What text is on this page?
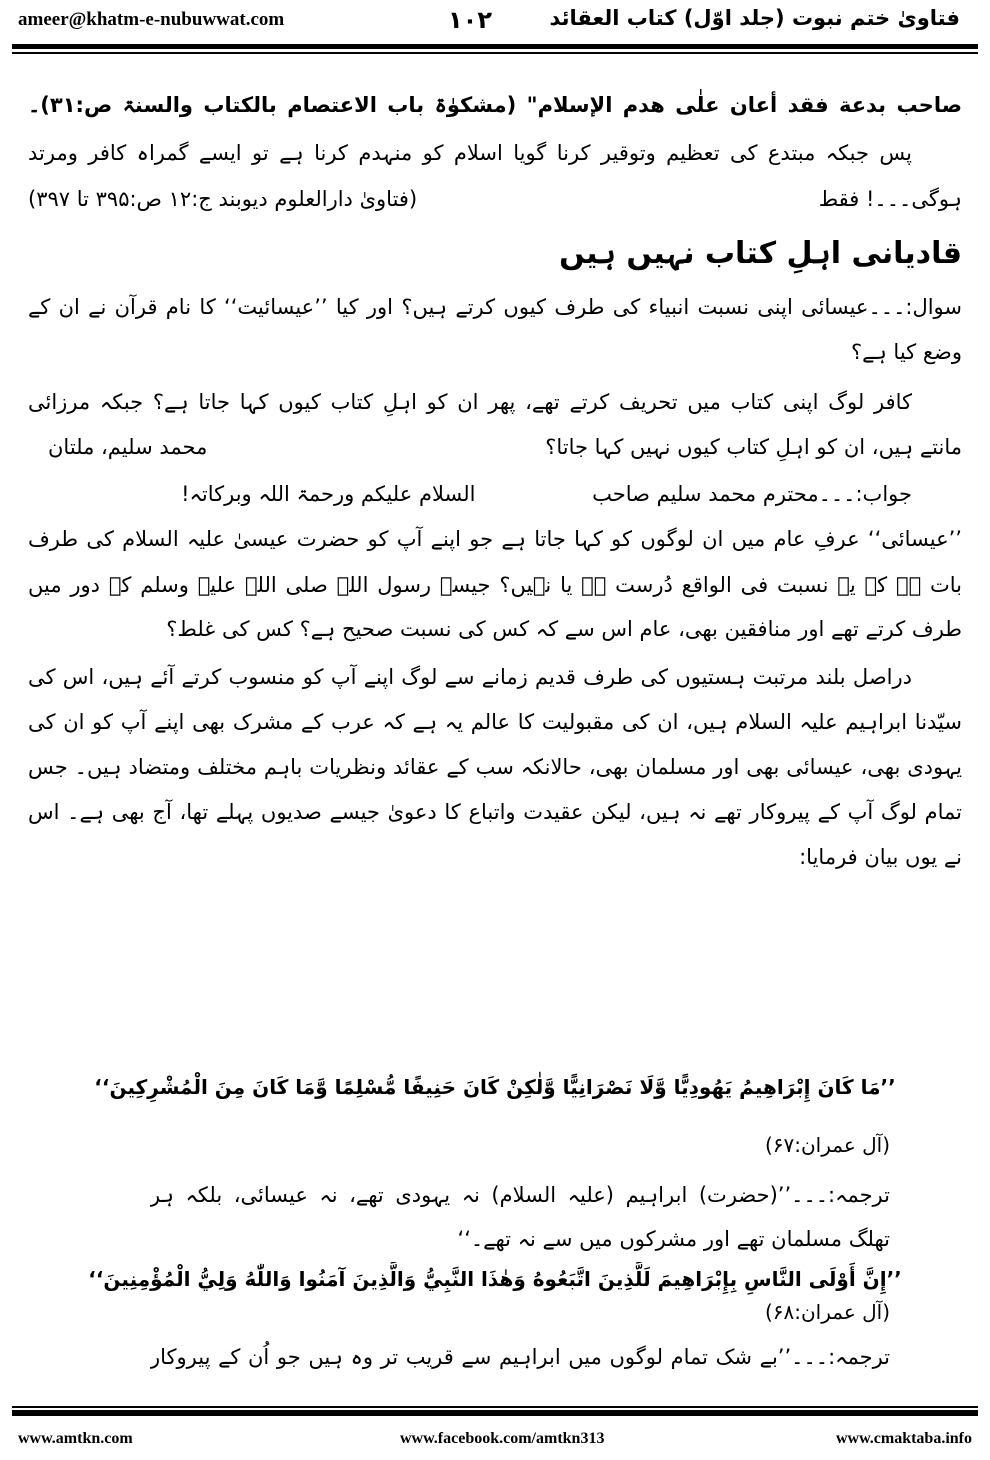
فتاویٰ ختم نبوت (جلد اوّل) کتاب العقائد
۱۰۲
ameer@khatm-e-nubuwwat.com
صاحب بدعة فقد أعان علٰى هدم الإسلام" (مشکوٰۃ باب الاعتصام بالکتاب والسنۃ ص:۳۱)۔
پس جبکہ مبتدع کی تعظیم وتوقیر کرنا گویا اسلام کو منہدم کرنا ہے تو ایسے گمراہ کافر ومرتد
ہوگی۔۔۔! فقط
(فتاویٰ دارالعلوم دیوبند ج:۱۲ ص:۳۹۵ تا ۳۹۷)
قادیانی اہلِ کتاب نہیں ہیں
سوال:۔۔۔عیسائی اپنی نسبت انبیاء کی طرف کیوں کرتے ہیں؟ اور کیا ’’عیسائیت‘‘ کا نام قرآن نے ان کے
وضع کیا ہے؟
کافر لوگ اپنی کتاب میں تحریف کرتے تھے، پھر ان کو اہلِ کتاب کیوں کہا جاتا ہے؟ جبکہ مرزائی
مانتے ہیں، ان کو اہلِ کتاب کیوں نہیں کہا جاتا؟
محمد سلیم، ملتان
جواب:۔۔۔محترم محمد سلیم صاحب السلام علیکم ورحمۃ اللہ وبرکاتہ!
’’عیسائی‘‘ عرفِ عام میں ان لوگوں کو کہا جاتا ہے جو اپنے آپ کو حضرت عیسیٰ علیہ السلام کی طرف
بات ہے کہ یہ نسبت فی الواقع دُرست ہے یا نہیں؟ جیسے رسول اللہ صلی اللہ علیہ وسلم کے دور میں
طرف کرتے تھے اور منافقین بھی، عام اس سے کہ کس کی نسبت صحیح ہے؟ کس کی غلط؟
دراصل بلند مرتبت ہستیوں کی طرف قدیم زمانے سے لوگ اپنے آپ کو منسوب کرتے آئے ہیں، اس کی
سیّدنا ابراہیم علیہ السلام ہیں، ان کی مقبولیت کا عالم یہ ہے کہ عرب کے مشرک بھی اپنے آپ کو ان کی
یہودی بھی، عیسائی بھی اور مسلمان بھی، حالانکہ سب کے عقائد ونظریات باہم مختلف ومتضاد ہیں۔ جس
تمام لوگ آپ کے پیروکار تھے نہ ہیں، لیکن عقیدت واتباع کا دعویٰ جیسے صدیوں پہلے تھا، آج بھی ہے۔ اس
نے یوں بیان فرمایا:
’’مَا کَانَ إِبْرَاهِيمُ يَهُودِيًّا وَّلَا نَصْرَانِيًّا وَّلٰكِنْ كَانَ حَنِيفًا مُّسْلِمًا وَّمَا كَانَ مِنَ الْمُشْرِكِينَ‘‘
(آل عمران:۶۷)
ترجمہ:۔۔۔’’(حضرت) ابراہیم (علیہ السلام) نہ یہودی تھے، نہ عیسائی، بلکہ ہر
تھلگ مسلمان تھے اور مشرکوں میں سے نہ تھے۔‘‘
’’إِنَّ أَوْلَى النَّاسِ بِإِبْرَاهِيمَ لَلَّذِينَ اتَّبَعُوهُ وَهٰذَا النَّبِيُّ وَالَّذِينَ آمَنُوا وَاللّٰهُ وَلِيُّ الْمُؤْمِنِينَ‘‘
(آل عمران:۶۸)
ترجمہ:۔۔۔’’بے شک تمام لوگوں میں ابراہیم سے قریب تر وہ ہیں جو اُن کے پیروکار
www.amtkn.com	www.facebook.com/amtkn313	www.cmaktaba.info
